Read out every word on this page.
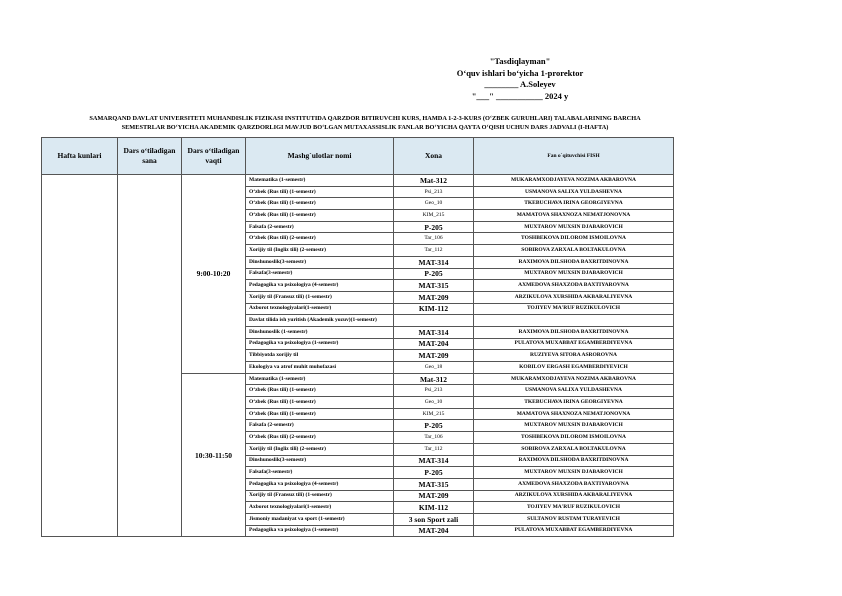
"Tasdiqlayman"
O‘quv ishlari bo‘yicha 1-prorektor
________ A.Soleyev
"___" ___________ 2024 y
SAMARQAND DAVLAT UNIVERSITETI MUHANDISLIK FIZIKASI INSTITUTIDA QARZDOR BITIRUVCHI KURS, HAMDA 1-2-3-KURS (O‘ZBEK GURUHLARI) TALABALARINING BARCHA
SEMESTRLAR BO‘YICHA AKADEMIK QARZDORLIGI MAVJUD BO‘LGAN MUTAXASSISLIK FANLAR BO‘YICHA QAYTA O‘QISH UCHUN DARS JADVALI (I-HAFTA)
Hafta kunlari	Dars o‘tiladigan sana	Dars o‘tiladigan vaqti	Mashg`ulotlar nomi	Xona	Fan o`qituvchisi FISH
		9:00-10:20	Matematika (1-semestr)	Mat-312	MUKARAMXODJAYEVA NOZIMA AKBAROVNA
			O‘zbek (Rus tili) (1-semestr)	Psi_213	USMANOVA SALIXA YULDASHEVNA
			O‘zbek (Rus tili) (1-semestr)	Geo_10	TKEBUCHAVA IRINA GEORGIYEVNA
			O‘zbek (Rus tili) (1-semestr)	KIM_215	MAMATOVA SHAXNOZA NEMATJONOVNA
			Falsafa (2-semestr)	P-205	MUXTAROV MUXSIN DJABAROVICH
			O‘zbek (Rus tili) (2-semestr)	Tar_106	TOSHBEKOVA DILOROM ISMOILOVNA
			Xorijiy til (Ingliz tili) (2-semestr)	Tar_112	SOBIROVA ZARXALA BOLTAKULOVNA
			Dinshunoslik(3-semestr)	MAT-314	RAXIMOVA DILSHODA BAXRITDINOVNA
			Falsafa(3-semestr)	P-205	MUXTAROV MUXSIN DJABAROVICH
			Pedagogika va psixologiya (4-semestr)	MAT-315	AXMEDOVA SHAXZODA BAXTIYAROVNA
			Xorijiy til (Fransuz tili) (1-semestr)	MAT-209	ARZIKULOVA XURSHIDA AKBARALIYEVNA
			Axborot texnologiyalari(1-semestr)	KIM-112	TOJIYEV MA'RUF RUZIKULOVICH
			Davlat tilida ish yuritish (Akademik yozuv)(1-semestr)		
			Dinshunoslik (1-semestr)	MAT-314	RAXIMOVA DILSHODA BAXRITDINOVNA
			Pedagogika va psixologiya (1-semestr)	MAT-204	PULATOVA MUXABBAT EGAMBERDIYEVNA
			Tibbiyotda xorijiy til	MAT-209	RUZIYEVA SITORA ASROROVNA
			Ekologiya va atrof muhit muhofazasi	Geo_18	KOBILOV ERGASH EGAMBERDIYEVICH
		10:30-11:50	Matematika (1-semestr)	Mat-312	MUKARAMXODJAYEVA NOZIMA AKBAROVNA
			O‘zbek (Rus tili) (1-semestr)	Psi_213	USMANOVA SALIXA YULDASHEVNA
			O‘zbek (Rus tili) (1-semestr)	Geo_10	TKEBUCHAVA IRINA GEORGIYEVNA
			O‘zbek (Rus tili) (1-semestr)	KIM_215	MAMATOVA SHAXNOZA NEMATJONOVNA
			Falsafa (2-semestr)	P-205	MUXTAROV MUXSIN DJABAROVICH
			O‘zbek (Rus tili) (2-semestr)	Tar_106	TOSHBEKOVA DILOROM ISMOILOVNA
			Xorijiy til (Ingliz tili) (2-semestr)	Tar_112	SOBIROVA ZARXALA BOLTAKULOVNA
			Dinshunoslik(3-semestr)	MAT-314	RAXIMOVA DILSHODA BAXRITDINOVNA
			Falsafa(3-semestr)	P-205	MUXTAROV MUXSIN DJABAROVICH
			Pedagogika va psixologiya (4-semestr)	MAT-315	AXMEDOVA SHAXZODA BAXTIYAROVNA
			Xorijiy til (Fransuz tili) (1-semestr)	MAT-209	ARZIKULOVA XURSHIDA AKBARALIYEVNA
			Axborot texnologiyalari(1-semestr)	KIM-112	TOJIYEV MA'RUF RUZIKULOVICH
			Jismoniy madaniyat va sport (1-semestr)	3 son Sport zali	SULTANOV RUSTAM TURAYEVICH
			Pedagogika va psixologiya (1-semestr)	MAT-204	PULATOVA MUXABBAT EGAMBERDIYEVNA
